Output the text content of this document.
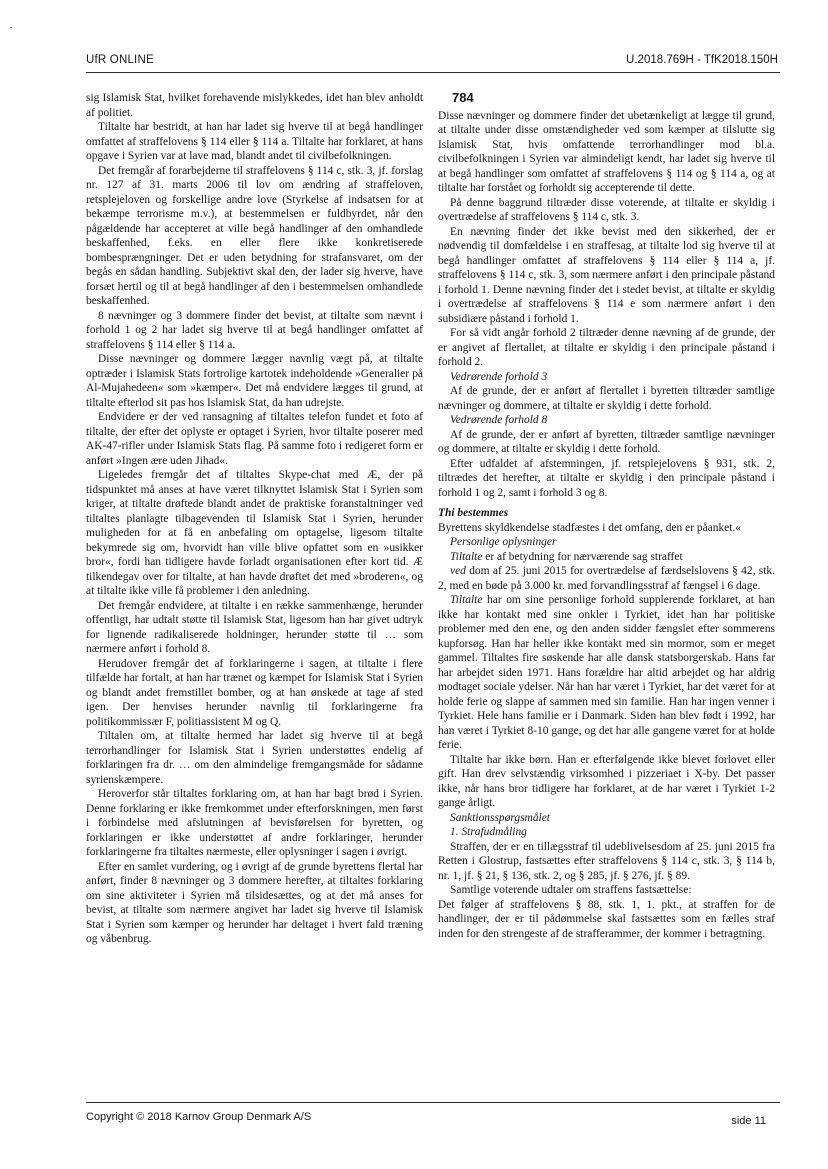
UfR ONLINE	U.2018.769H - TfK2018.150H

sig Islamisk Stat, hvilket forehavende mislykkedes, idet han blev anholdt af politiet.

Tiltalte har bestridt, at han har ladet sig hverve til at begå handlinger omfattet af straffelovens § 114 eller § 114 a. Tiltalte har forklaret, at hans opgave i Syrien var at lave mad, blandt andet til civilbefolkningen.

Det fremgår af forarbejderne til straffelovens § 114 c, stk. 3, jf. forslag nr. 127 af 31. marts 2006 til lov om ændring af straffeloven, retsplejeloven og forskellige andre love (Styrkelse af indsatsen for at bekæmpe terrorisme m.v.), at bestemmelsen er fuldbyrdet, når den pågældende har accepteret at ville begå handlinger af den omhandlede beskaffenhed, f.eks. en eller flere ikke konkretiserede bombesprængninger. Det er uden betydning for strafansvaret, om der begås en sådan handling. Subjektivt skal den, der lader sig hverve, have forsæt hertil og til at begå handlinger af den i bestemmelsen omhandlede beskaffenhed.

8 nævninger og 3 dommere finder det bevist, at tiltalte som nævnt i forhold 1 og 2 har ladet sig hverve til at begå handlinger omfattet af straffelovens § 114 eller § 114 a.

Disse nævninger og dommere lægger navnlig vægt på, at tiltalte optræder i Islamisk Stats fortrolige kartotek indeholdende »Generalier på Al-Mujahedeen« som »kæmper«. Det må endvidere lægges til grund, at tiltalte efterlod sit pas hos Islamisk Stat, da han udrejste.

Endvidere er der ved ransagning af tiltaltes telefon fundet et foto af tiltalte, der efter det oplyste er optaget i Syrien, hvor tiltalte poserer med AK-47-rifler under Islamisk Stats flag. På samme foto i redigeret form er anført »Ingen ære uden Jihad«.

Ligeledes fremgår det af tiltaltes Skype-chat med Æ, der på tidspunktet må anses at have været tilknyttet Islamisk Stat i Syrien som kriger, at tiltalte drøftede blandt andet de praktiske foranstaltninger ved tiltaltes planlagte tilbagevenden til Islamisk Stat i Syrien, herunder muligheden for at få en anbefaling om optagelse, ligesom tiltalte bekymrede sig om, hvorvidt han ville blive opfattet som en »usikker bror«, fordi han tidligere havde forladt organisationen efter kort tid. Æ tilkendegav over for tiltalte, at han havde drøftet det med »broderen«, og at tiltalte ikke ville få problemer i den anledning.

Det fremgår endvidere, at tiltalte i en række sammenhænge, herunder offentligt, har udtalt støtte til Islamisk Stat, ligesom han har givet udtryk for lignende radikaliserede holdninger, herunder støtte til … som nærmere anført i forhold 8.

Herudover fremgår det af forklaringerne i sagen, at tiltalte i flere tilfælde har fortalt, at han har trænet og kæmpet for Islamisk Stat i Syrien og blandt andet fremstillet bomber, og at han ønskede at tage af sted igen. Der henvises herunder navnlig til forklaringerne fra politikommissær F, politiassistent M og Q.

Tiltalen om, at tiltalte hermed har ladet sig hverve til at begå terrorhandlinger for Islamisk Stat i Syrien understøttes endelig af forklaringen fra dr. … om den almindelige fremgangsmåde for sådanne syrienskæmpere.

Heroverfor står tiltaltes forklaring om, at han har bagt brød i Syrien. Denne forklaring er ikke fremkommet under efterforskningen, men først i forbindelse med afslutningen af bevisførelsen for byretten, og forklaringen er ikke understøttet af andre forklaringer, herunder forklaringerne fra tiltaltes nærmeste, eller oplysninger i sagen i øvrigt.

Efter en samlet vurdering, og i øvrigt af de grunde byrettens flertal har anført, finder 8 nævninger og 3 dommere herefter, at tiltaltes forklaring om sine aktiviteter i Syrien må tilsidesættes, og at det må anses for bevist, at tiltalte som nærmere angivet har ladet sig hverve til Islamisk Stat i Syrien som kæmper og herunder har deltaget i hvert fald træning og våbenbrug.

784

Disse nævninger og dommere finder det ubetænkeligt at lægge til grund, at tiltalte under disse omstændigheder ved som kæmper at tilslutte sig Islamisk Stat, hvis omfattende terrorhandlinger mod bl.a. civilbefolkningen i Syrien var almindeligt kendt, har ladet sig hverve til at begå handlinger som omfattet af straffelovens § 114 og § 114 a, og at tiltalte har forstået og forholdt sig accepterende til dette.

På denne baggrund tiltræder disse voterende, at tiltalte er skyldig i overtrædelse af straffelovens § 114 c, stk. 3.

En nævning finder det ikke bevist med den sikkerhed, der er nødvendig til domfældelse i en straffesag, at tiltalte lod sig hverve til at begå handlinger omfattet af straffelovens § 114 eller § 114 a, jf. straffelovens § 114 c, stk. 3, som nærmere anført i den principale påstand i forhold 1. Denne nævning finder det i stedet bevist, at tiltalte er skyldig i overtrædelse af straffelovens § 114 e som nærmere anført i den subsidiære påstand i forhold 1.

For så vidt angår forhold 2 tiltræder denne nævning af de grunde, der er angivet af flertallet, at tiltalte er skyldig i den principale påstand i forhold 2.

Vedrørende forhold 3

Af de grunde, der er anført af flertallet i byretten tiltræder samtlige nævninger og dommere, at tiltalte er skyldig i dette forhold.

Vedrørende forhold 8

Af de grunde, der er anført af byretten, tiltræder samtlige nævninger og dommere, at tiltalte er skyldig i dette forhold.

Efter udfaldet af afstemningen, jf. retsplejelovens § 931, stk. 2, tiltrædes det herefter, at tiltalte er skyldig i den principale påstand i forhold 1 og 2, samt i forhold 3 og 8.

Thi bestemmes

Byrettens skyldkendelse stadfæstes i det omfang, den er påanket.«

Personlige oplysninger

Tiltalte er af betydning for nærværende sag straffet

ved dom af 25. juni 2015 for overtrædelse af færdselslovens § 42, stk. 2, med en bøde på 3.000 kr. med forvandlingsstraf af fængsel i 6 dage.

Tiltalte har om sine personlige forhold supplerende forklaret, at han ikke har kontakt med sine onkler i Tyrkiet, idet han har politiske problemer med den ene, og den anden sidder fængslet efter sommerens kupforsøg. Han har heller ikke kontakt med sin mormor, som er meget gammel. Tiltaltes fire søskende har alle dansk statsborgerskab. Hans far har arbejdet siden 1971. Hans forældre har altid arbejdet og har aldrig modtaget sociale ydelser. Når han har været i Tyrkiet, har det været for at holde ferie og slappe af sammen med sin familie. Han har ingen venner i Tyrkiet. Hele hans familie er i Danmark. Siden han blev født i 1992, har han været i Tyrkiet 8-10 gange, og det har alle gangene været for at holde ferie.

Tiltalte har ikke børn. Han er efterfølgende ikke blevet forlovet eller gift. Han drev selvstændig virksomhed i pizzeriaet i X-by. Det passer ikke, når hans bror tidligere har forklaret, at de har været i Tyrkiet 1-2 gange årligt.

Sanktionsspørgsmålet

1. Strafudmåling

Straffen, der er en tillægsstraf til udeblivelsesdom af 25. juni 2015 fra Retten i Glostrup, fastsættes efter straffelovens § 114 c, stk. 3, § 114 b, nr. 1, jf. § 21, § 136, stk. 2, og § 285, jf. § 276, jf. § 89.

Samtlige voterende udtaler om straffens fastsættelse:

Det følger af straffelovens § 88, stk. 1, 1. pkt., at straffen for de handlinger, der er til pådømmelse skal fastsættes som en fælles straf inden for den strengeste af de strafferammer, der kommer i betragtning.

Copyright © 2018 Karnov Group Denmark A/S	side 11
